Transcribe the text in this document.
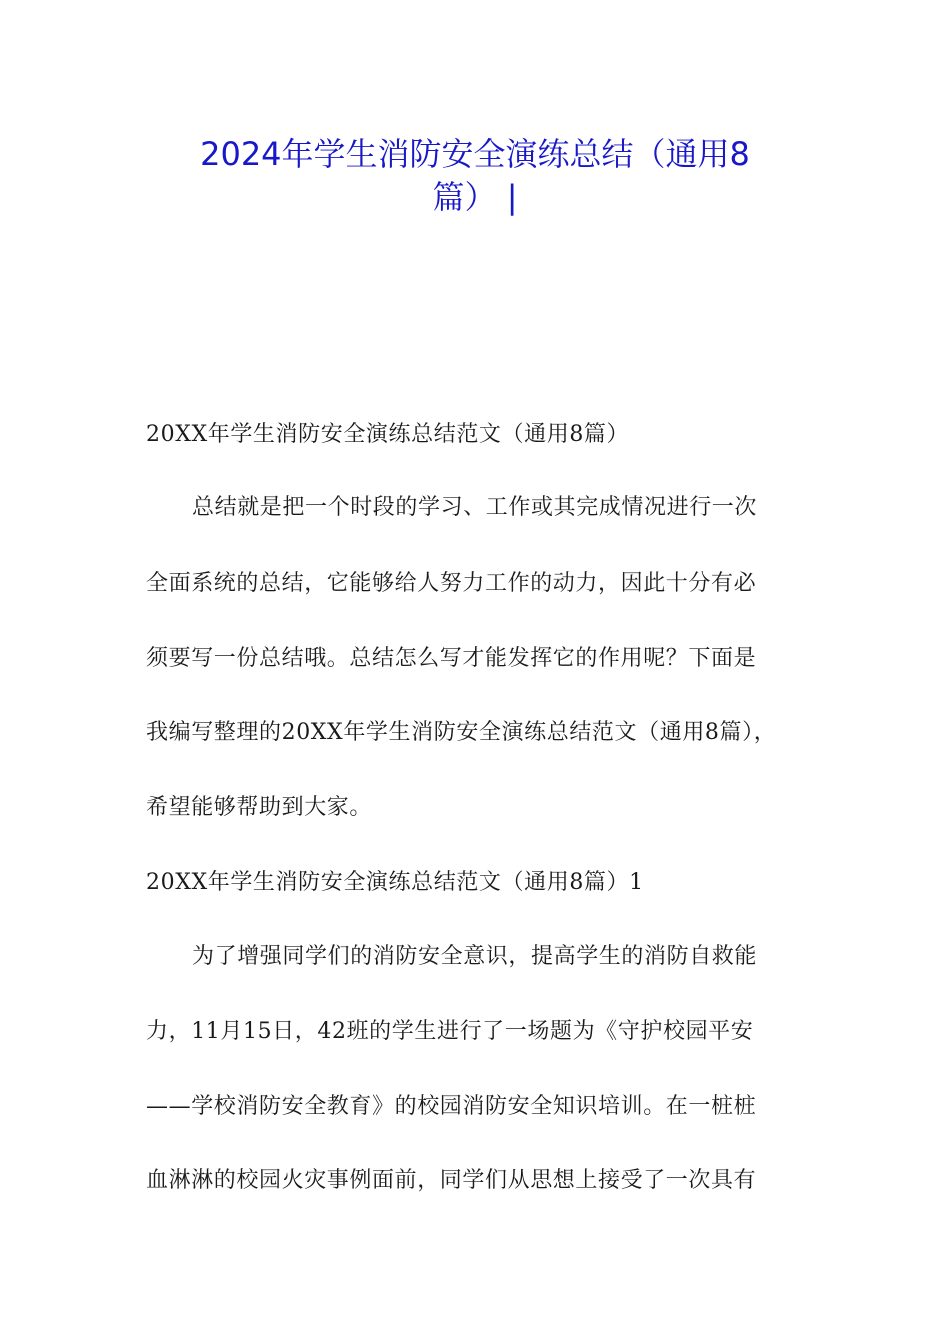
2024年学生消防安全演练总结（通用8
篇） |
20XX年学生消防安全演练总结范文（通用8篇）
总结就是把一个时段的学习、工作或其完成情况进行一次
全面系统的总结，它能够给人努力工作的动力，因此十分有必
须要写一份总结哦。总结怎么写才能发挥它的作用呢？下面是
我编写整理的20XX年学生消防安全演练总结范文（通用8篇），
希望能够帮助到大家。
20XX年学生消防安全演练总结范文（通用8篇）1
为了增强同学们的消防安全意识，提高学生的消防自救能
力，11月15日，42班的学生进行了一场题为《守护校园平安
——学校消防安全教育》的校园消防安全知识培训。在一桩桩
血淋淋的校园火灾事例面前，同学们从思想上接受了一次具有
